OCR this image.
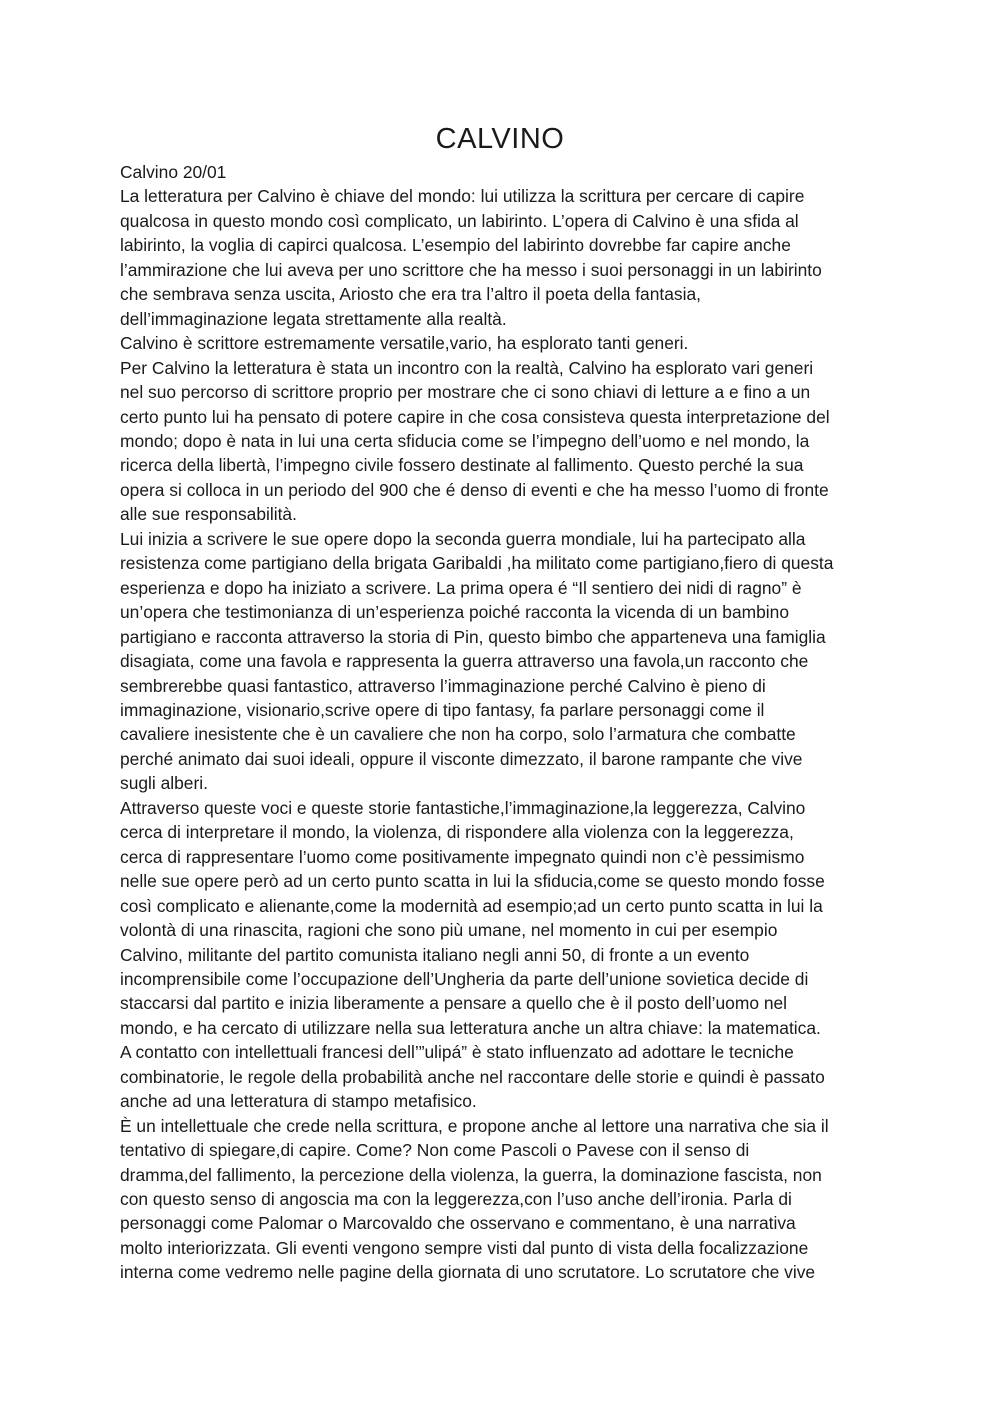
CALVINO
Calvino 20/01
La letteratura per Calvino è chiave del mondo: lui utilizza la scrittura per cercare di capire
qualcosa in questo mondo così complicato, un labirinto. L’opera di Calvino è una sfida al
labirinto, la voglia di capirci qualcosa. L’esempio del labirinto dovrebbe far capire anche
l’ammirazione che lui aveva per uno scrittore che ha messo i suoi personaggi in un labirinto
che sembrava senza uscita, Ariosto che era tra l’altro il poeta della fantasia,
dell’immaginazione legata strettamente alla realtà.
Calvino è scrittore estremamente versatile,vario, ha esplorato tanti generi.
Per Calvino la letteratura è stata un incontro con la realtà, Calvino ha esplorato vari generi
nel suo percorso di scrittore proprio per mostrare che ci sono chiavi di letture a e fino a un
certo punto lui ha pensato di potere capire in che cosa consisteva questa interpretazione del
mondo; dopo è nata in lui una certa sfiducia come se l’impegno dell’uomo e nel mondo, la
ricerca della libertà, l’impegno civile fossero destinate al fallimento. Questo perché la sua
opera si colloca in un periodo del 900 che é denso di eventi e che ha messo l’uomo di fronte
alle sue responsabilità.
Lui inizia a scrivere le sue opere dopo la seconda guerra mondiale, lui ha partecipato alla
resistenza come partigiano della brigata Garibaldi ,ha militato come partigiano,fiero di questa
esperienza e dopo ha iniziato a scrivere. La prima opera é “Il sentiero dei nidi di ragno” è
un’opera che testimonianza di un’esperienza poiché racconta la vicenda di un bambino
partigiano e racconta attraverso la storia di Pin, questo bimbo che apparteneva una famiglia
disagiata, come una favola e rappresenta la guerra attraverso una favola,un racconto che
sembrerebbe quasi fantastico, attraverso l’immaginazione perché Calvino è pieno di
immaginazione, visionario,scrive opere di tipo fantasy, fa parlare personaggi come il
cavaliere inesistente che è un cavaliere che non ha corpo, solo l’armatura che combatte
perché animato dai suoi ideali, oppure il visconte dimezzato, il barone rampante che vive
sugli alberi.
Attraverso queste voci e queste storie fantastiche,l’immaginazione,la leggerezza, Calvino
cerca di interpretare il mondo, la violenza, di rispondere alla violenza con la leggerezza,
cerca di rappresentare l’uomo come positivamente impegnato quindi non c’è pessimismo
nelle sue opere però ad un certo punto scatta in lui la sfiducia,come se questo mondo fosse
così complicato e alienante,come la modernità ad esempio;ad un certo punto scatta in lui la
volontà di una rinascita, ragioni che sono più umane, nel momento in cui per esempio
Calvino, militante del partito comunista italiano negli anni 50, di fronte a un evento
incomprensibile come l’occupazione dell’Ungheria da parte dell’unione sovietica decide di
staccarsi dal partito e inizia liberamente a pensare a quello che è il posto dell’uomo nel
mondo, e ha cercato di utilizzare nella sua letteratura anche un altra chiave: la matematica.
A contatto con intellettuali francesi dell’”ulipá” è stato influenzato ad adottare le tecniche
combinatorie, le regole della probabilità anche nel raccontare delle storie e quindi è passato
anche ad una letteratura di stampo metafisico.
È un intellettuale che crede nella scrittura, e propone anche al lettore una narrativa che sia il
tentativo di spiegare,di capire. Come? Non come Pascoli o Pavese con il senso di
dramma,del fallimento, la percezione della violenza, la guerra, la dominazione fascista, non
con questo senso di angoscia ma con la leggerezza,con l’uso anche dell’ironia. Parla di
personaggi come Palomar o Marcovaldo che osservano e commentano, è una narrativa
molto interiorizzata. Gli eventi vengono sempre visti dal punto di vista della focalizzazione
interna come vedremo nelle pagine della giornata di uno scrutatore. Lo scrutatore che vive
